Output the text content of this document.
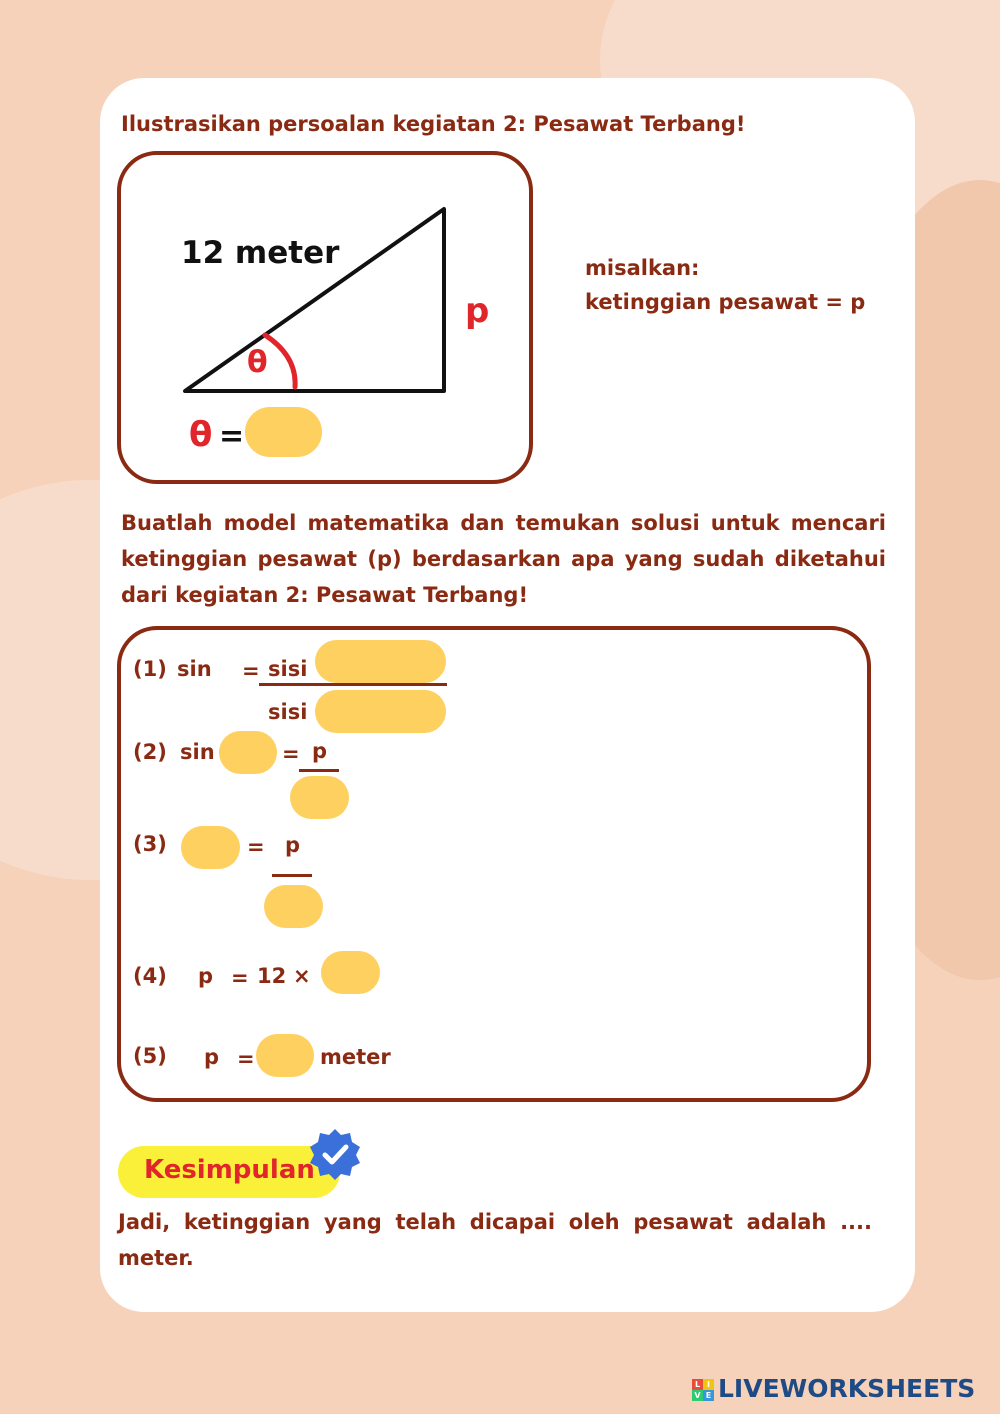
Ilustrasikan persoalan kegiatan 2: Pesawat Terbang!
12 meter
p
θ
θ =
misalkan:
ketinggian pesawat = p
Buatlah model matematika dan temukan solusi untuk mencari ketinggian pesawat (p) berdasarkan apa yang sudah diketahui dari kegiatan 2: Pesawat Terbang!
(1) sin = sisi
sisi
(2) sin	= p
(3)	= p
(4) p = 12 ×
(5) p =	meter
Kesimpulan
Jadi, ketinggian yang telah dicapai oleh pesawat adalah .... meter.
L I
V E LIVEWORKSHEETS
